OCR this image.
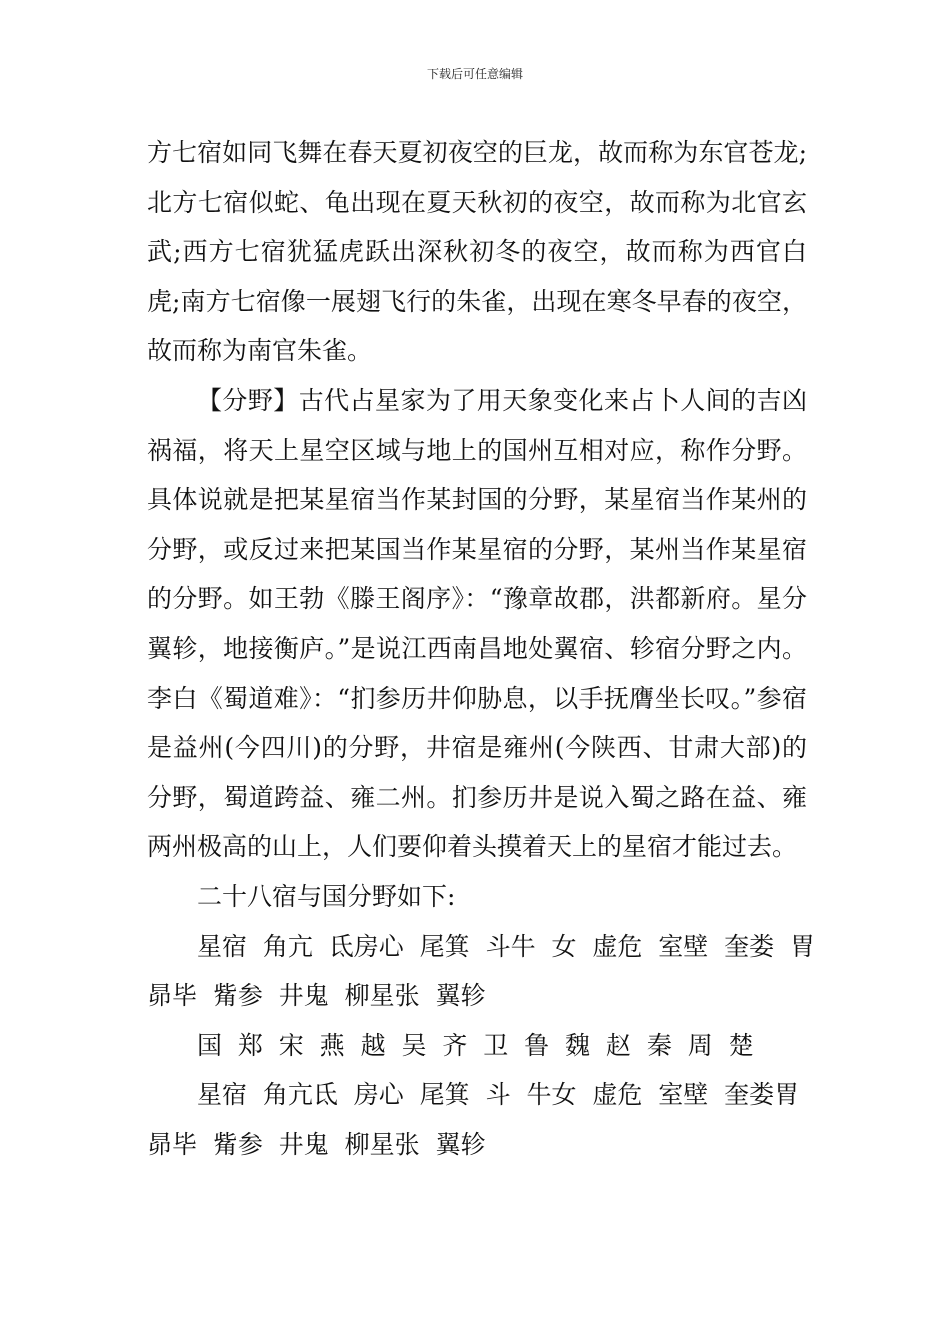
下载后可任意编辑

方七宿如同飞舞在春天夏初夜空的巨龙，故而称为东官苍龙;北方七宿似蛇、龟出现在夏天秋初的夜空，故而称为北官玄武;西方七宿犹猛虎跃出深秋初冬的夜空，故而称为西官白虎;南方七宿像一展翅飞行的朱雀，出现在寒冬早春的夜空，故而称为南官朱雀。

【分野】古代占星家为了用天象变化来占卜人间的吉凶祸福，将天上星空区域与地上的国州互相对应，称作分野。具体说就是把某星宿当作某封国的分野，某星宿当作某州的分野，或反过来把某国当作某星宿的分野，某州当作某星宿的分野。如王勃《滕王阁序》：“豫章故郡，洪都新府。星分翼轸，地接衡庐。”是说江西南昌地处翼宿、轸宿分野之内。李白《蜀道难》：“扪参历井仰胁息，以手抚膺坐长叹。”参宿是益州(今四川)的分野，井宿是雍州(今陕西、甘肃大部)的分野，蜀道跨益、雍二州。扪参历井是说入蜀之路在益、雍两州极高的山上，人们要仰着头摸着天上的星宿才能过去。

二十八宿与国分野如下:

星宿  角亢  氐房心  尾箕  斗牛  女  虚危  室壁  奎娄  胃

昴毕  觜参  井鬼  柳星张  翼轸

国  郑  宋  燕  越  吴  齐  卫  鲁  魏  赵  秦  周  楚

星宿  角亢氐  房心  尾箕  斗  牛女  虚危  室壁  奎娄胃

昴毕  觜参  井鬼  柳星张  翼轸
